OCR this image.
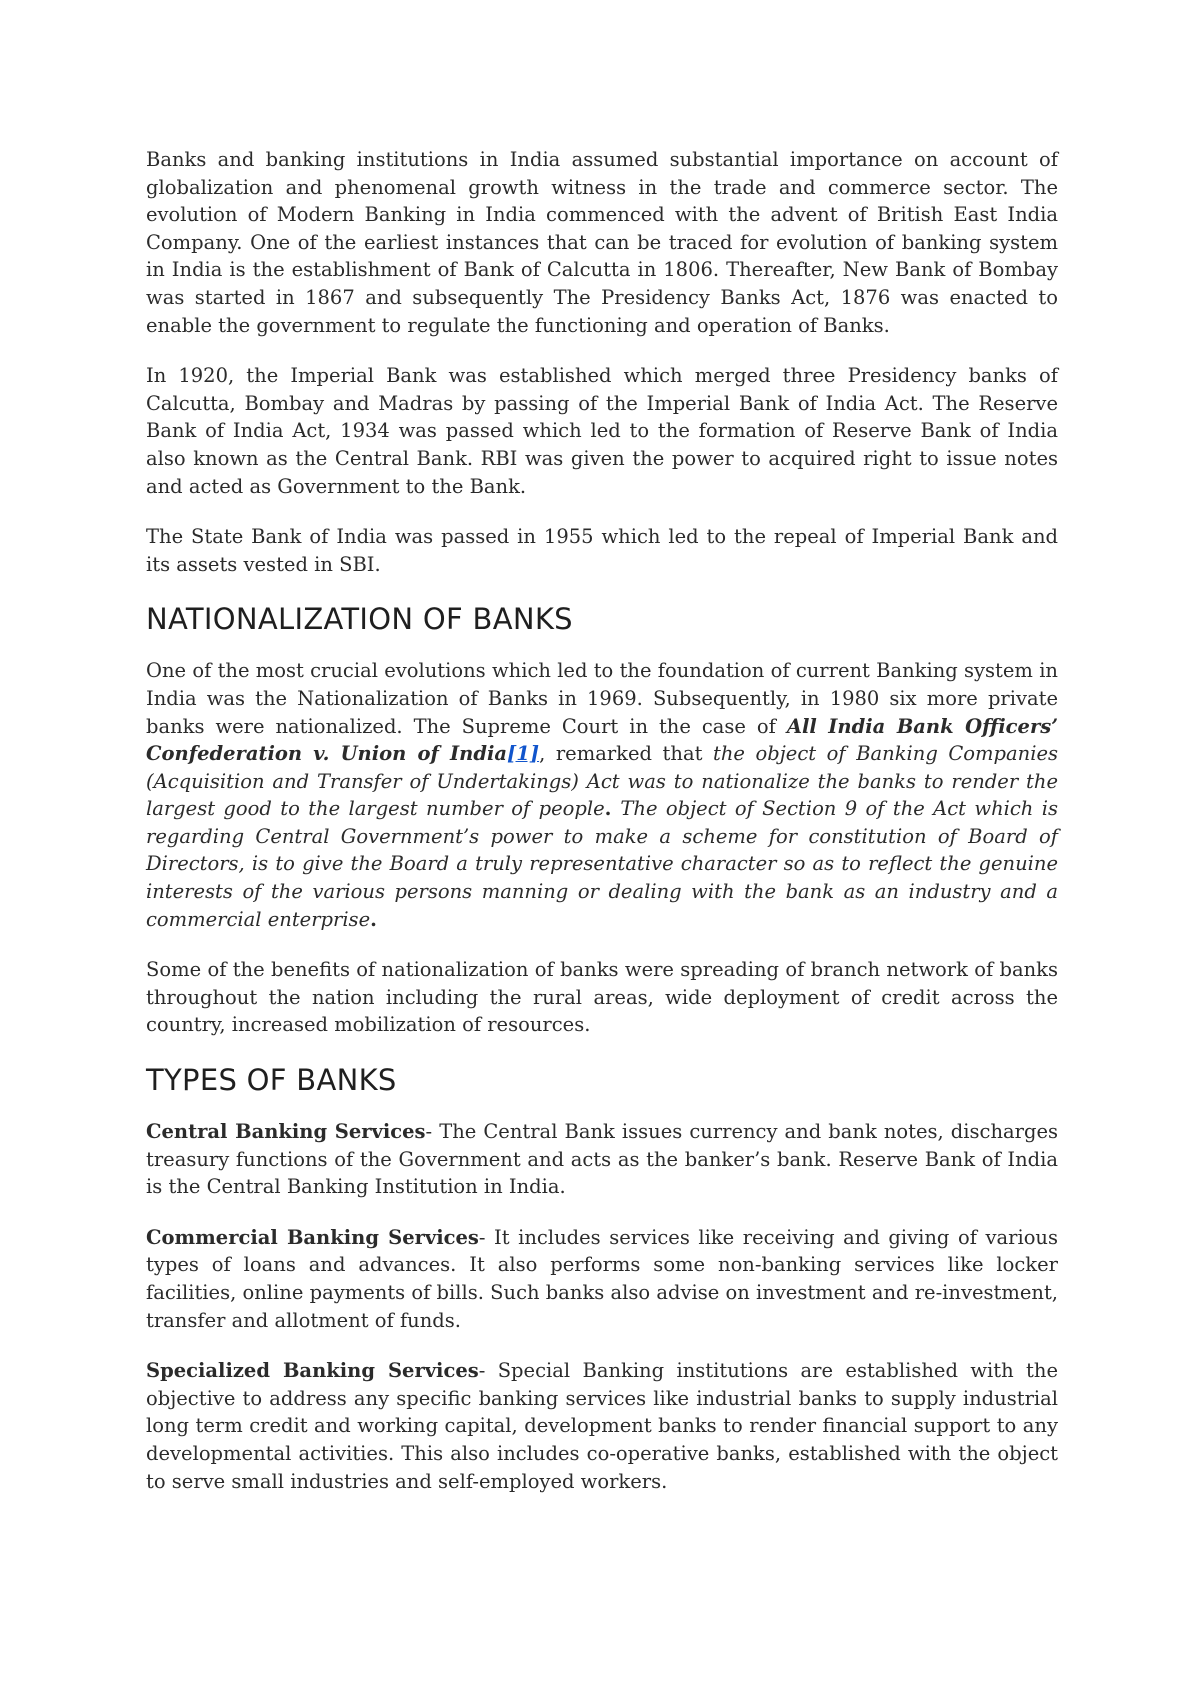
Banks and banking institutions in India assumed substantial importance on account of globalization and phenomenal growth witness in the trade and commerce sector. The evolution of Modern Banking in India commenced with the advent of British East India Company. One of the earliest instances that can be traced for evolution of banking system in India is the establishment of Bank of Calcutta in 1806. Thereafter, New Bank of Bombay was started in 1867 and subsequently The Presidency Banks Act, 1876 was enacted to enable the government to regulate the functioning and operation of Banks.

In 1920, the Imperial Bank was established which merged three Presidency banks of Calcutta, Bombay and Madras by passing of the Imperial Bank of India Act. The Reserve Bank of India Act, 1934 was passed which led to the formation of Reserve Bank of India also known as the Central Bank. RBI was given the power to acquired right to issue notes and acted as Government to the Bank.

The State Bank of India was passed in 1955 which led to the repeal of Imperial Bank and its assets vested in SBI.

NATIONALIZATION OF BANKS

One of the most crucial evolutions which led to the foundation of current Banking system in India was the Nationalization of Banks in 1969. Subsequently, in 1980 six more private banks were nationalized. The Supreme Court in the case of All India Bank Officers’ Confederation v. Union of India[1], remarked that the object of Banking Companies (Acquisition and Transfer of Undertakings) Act was to nationalize the banks to render the largest good to the largest number of people. The object of Section 9 of the Act which is regarding Central Government’s power to make a scheme for constitution of Board of Directors, is to give the Board a truly representative character so as to reflect the genuine interests of the various persons manning or dealing with the bank as an industry and a commercial enterprise.

Some of the benefits of nationalization of banks were spreading of branch network of banks throughout the nation including the rural areas, wide deployment of credit across the country, increased mobilization of resources.

TYPES OF BANKS

Central Banking Services- The Central Bank issues currency and bank notes, discharges treasury functions of the Government and acts as the banker’s bank. Reserve Bank of India is the Central Banking Institution in India.

Commercial Banking Services- It includes services like receiving and giving of various types of loans and advances. It also performs some non-banking services like locker facilities, online payments of bills. Such banks also advise on investment and re-investment, transfer and allotment of funds.

Specialized Banking Services- Special Banking institutions are established with the objective to address any specific banking services like industrial banks to supply industrial long term credit and working capital, development banks to render financial support to any developmental activities. This also includes co-operative banks, established with the object to serve small industries and self-employed workers.
